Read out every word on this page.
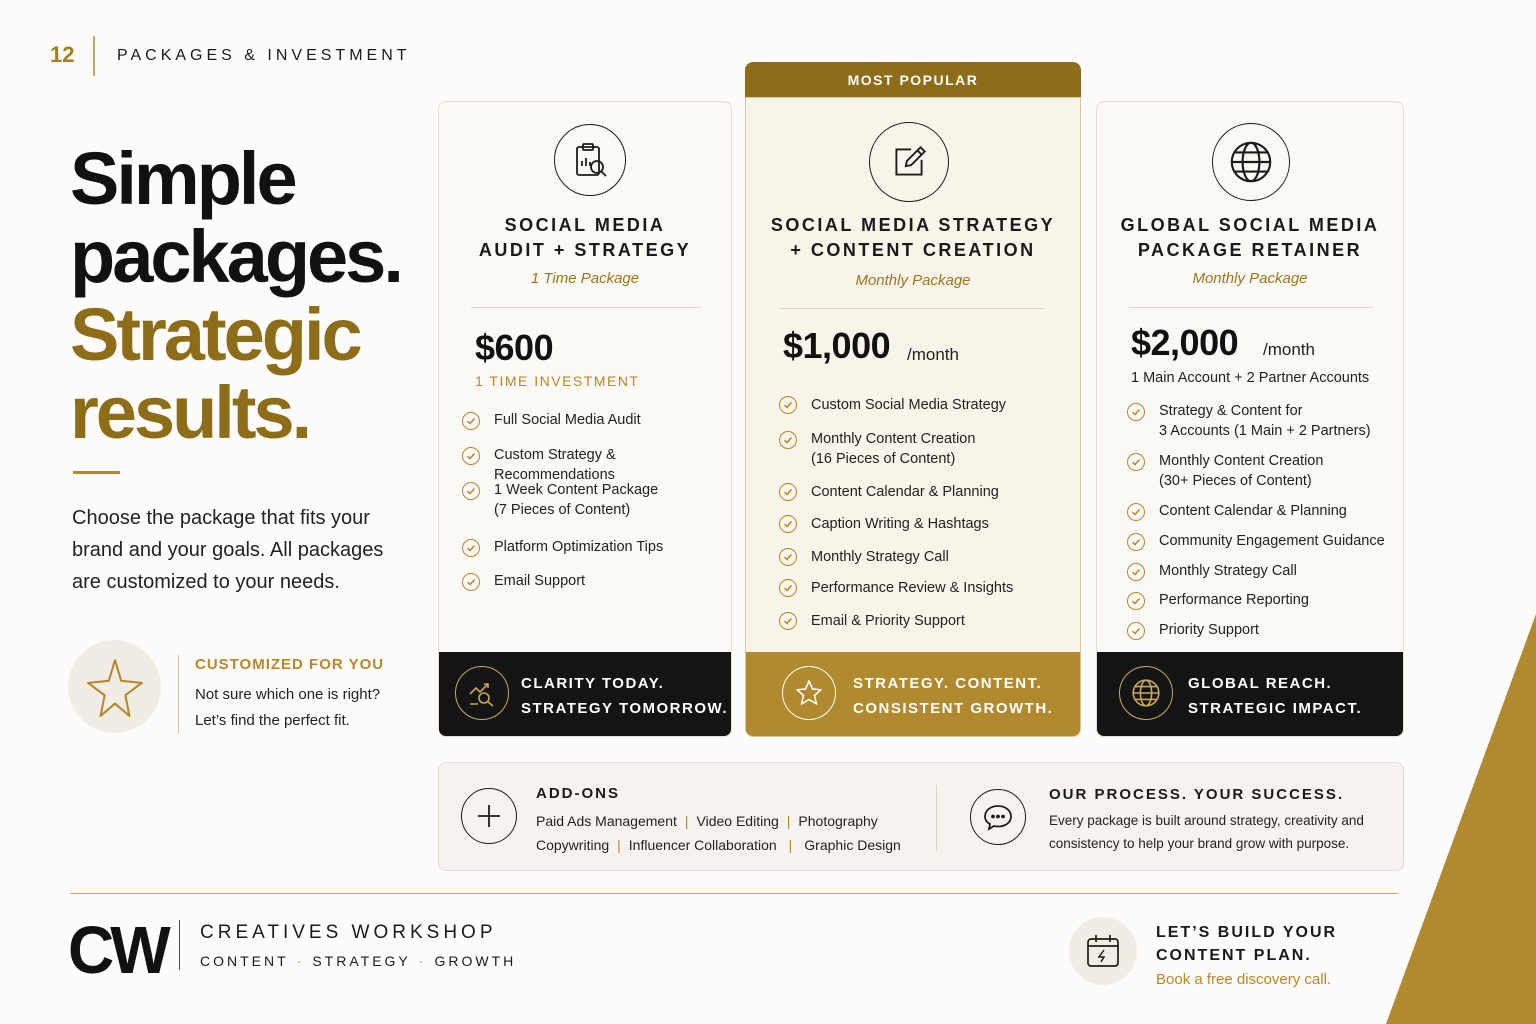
12	PACKAGES & INVESTMENT
Simple
packages.
Strategic
results.
Choose the package that fits your brand and your goals. All packages are customized to your needs.
CUSTOMIZED FOR YOU
Not sure which one is right?
Let’s find the perfect fit.
SOCIAL MEDIA
AUDIT + STRATEGY
1 Time Package
$600
1 TIME INVESTMENT
Full Social Media Audit
Custom Strategy & Recommendations
1 Week Content Package
(7 Pieces of Content)
Platform Optimization Tips
Email Support
CLARITY TODAY.
STRATEGY TOMORROW.
MOST POPULAR
SOCIAL MEDIA STRATEGY
+ CONTENT CREATION
Monthly Package
$1,000 /month
Custom Social Media Strategy
Monthly Content Creation
(16 Pieces of Content)
Content Calendar & Planning
Caption Writing & Hashtags
Monthly Strategy Call
Performance Review & Insights
Email & Priority Support
STRATEGY. CONTENT.
CONSISTENT GROWTH.
GLOBAL SOCIAL MEDIA
PACKAGE RETAINER
Monthly Package
$2,000 /month
1 Main Account + 2 Partner Accounts
Strategy & Content for
3 Accounts (1 Main + 2 Partners)
Monthly Content Creation
(30+ Pieces of Content)
Content Calendar & Planning
Community Engagement Guidance
Monthly Strategy Call
Performance Reporting
Priority Support
GLOBAL REACH.
STRATEGIC IMPACT.
ADD-ONS
Paid Ads Management | Video Editing | Photography
Copywriting | Influencer Collaboration | Graphic Design
OUR PROCESS. YOUR SUCCESS.
Every package is built around strategy, creativity and
consistency to help your brand grow with purpose.
CW CREATIVES WORKSHOP
CONTENT · STRATEGY · GROWTH
LET’S BUILD YOUR
CONTENT PLAN.
Book a free discovery call.
